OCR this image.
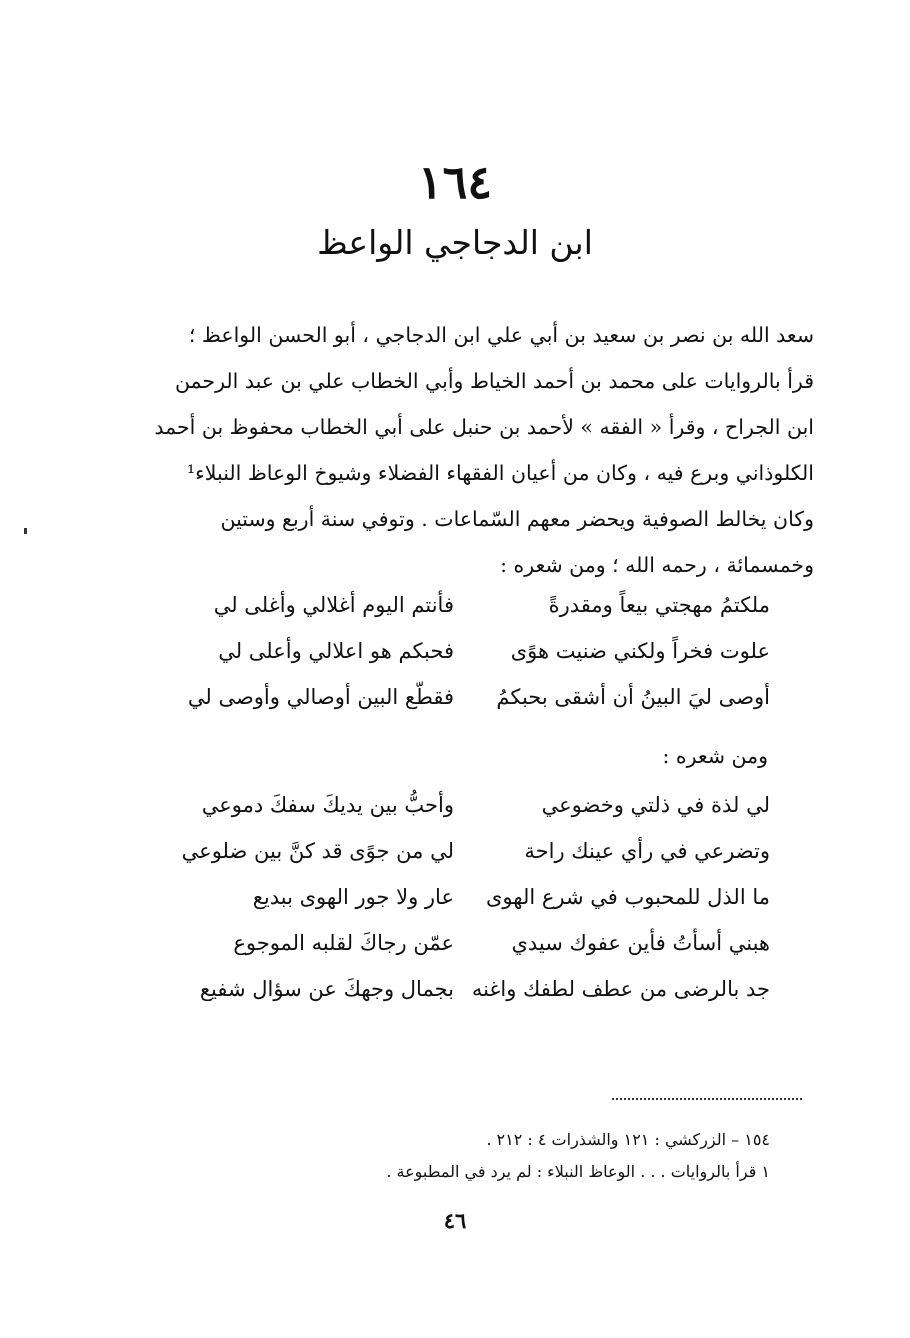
١٦٤
ابن الدجاجي الواعظ

سعد الله بن نصر بن سعيد بن أبي علي ابن الدجاجي ، أبو الحسن الواعظ ؛

قرأ بالروايات على محمد بن أحمد الخياط وأبي الخطاب علي بن عبد الرحمن

ابن الجراح ، وقرأ « الفقه » لأحمد بن حنبل على أبي الخطاب محفوظ بن أحمد

الكلوذاني وبرع فيه ، وكان من أعيان الفقهاء الفضلاء وشيوخ الوعاظ النبلاء¹

وكان يخالط الصوفية ويحضر معهم السّماعات . وتوفي سنة أربع وستين

وخمسمائة ، رحمه الله ؛ ومن شعره :

ملكتمُ مهجتي بيعاً ومقدرةً
فأنتم اليوم أغلالي وأغلى لي
علوت فخراً ولكني ضنيت هوًى
فحبكم هو اعلالي وأعلى لي
أوصى ليَ البينُ أن أشقى بحبكمُ
فقطّع البين أوصالي وأوصى لي
ومن شعره :
لي لذة في ذلتي وخضوعي
وأحبُّ بين يديكَ سفكَ دموعي
وتضرعي في رأي عينك راحة
لي من جوًى قد كنَّ بين ضلوعي
ما الذل للمحبوب في شرع الهوى
عار ولا جور الهوى ببديع
هبني أسأتُ فأين عفوك سيدي
عمّن رجاكَ لقلبه الموجوع
جد بالرضى من عطف لطفك واغنه
بجمال وجهكَ عن سؤال شفيع
١٥٤ – الزركشي : ١٢١ والشذرات ٤ : ٢١٢ .
١ قرأ بالروايات . . . الوعاظ النبلاء : لم يرد في المطبوعة .
٤٦
